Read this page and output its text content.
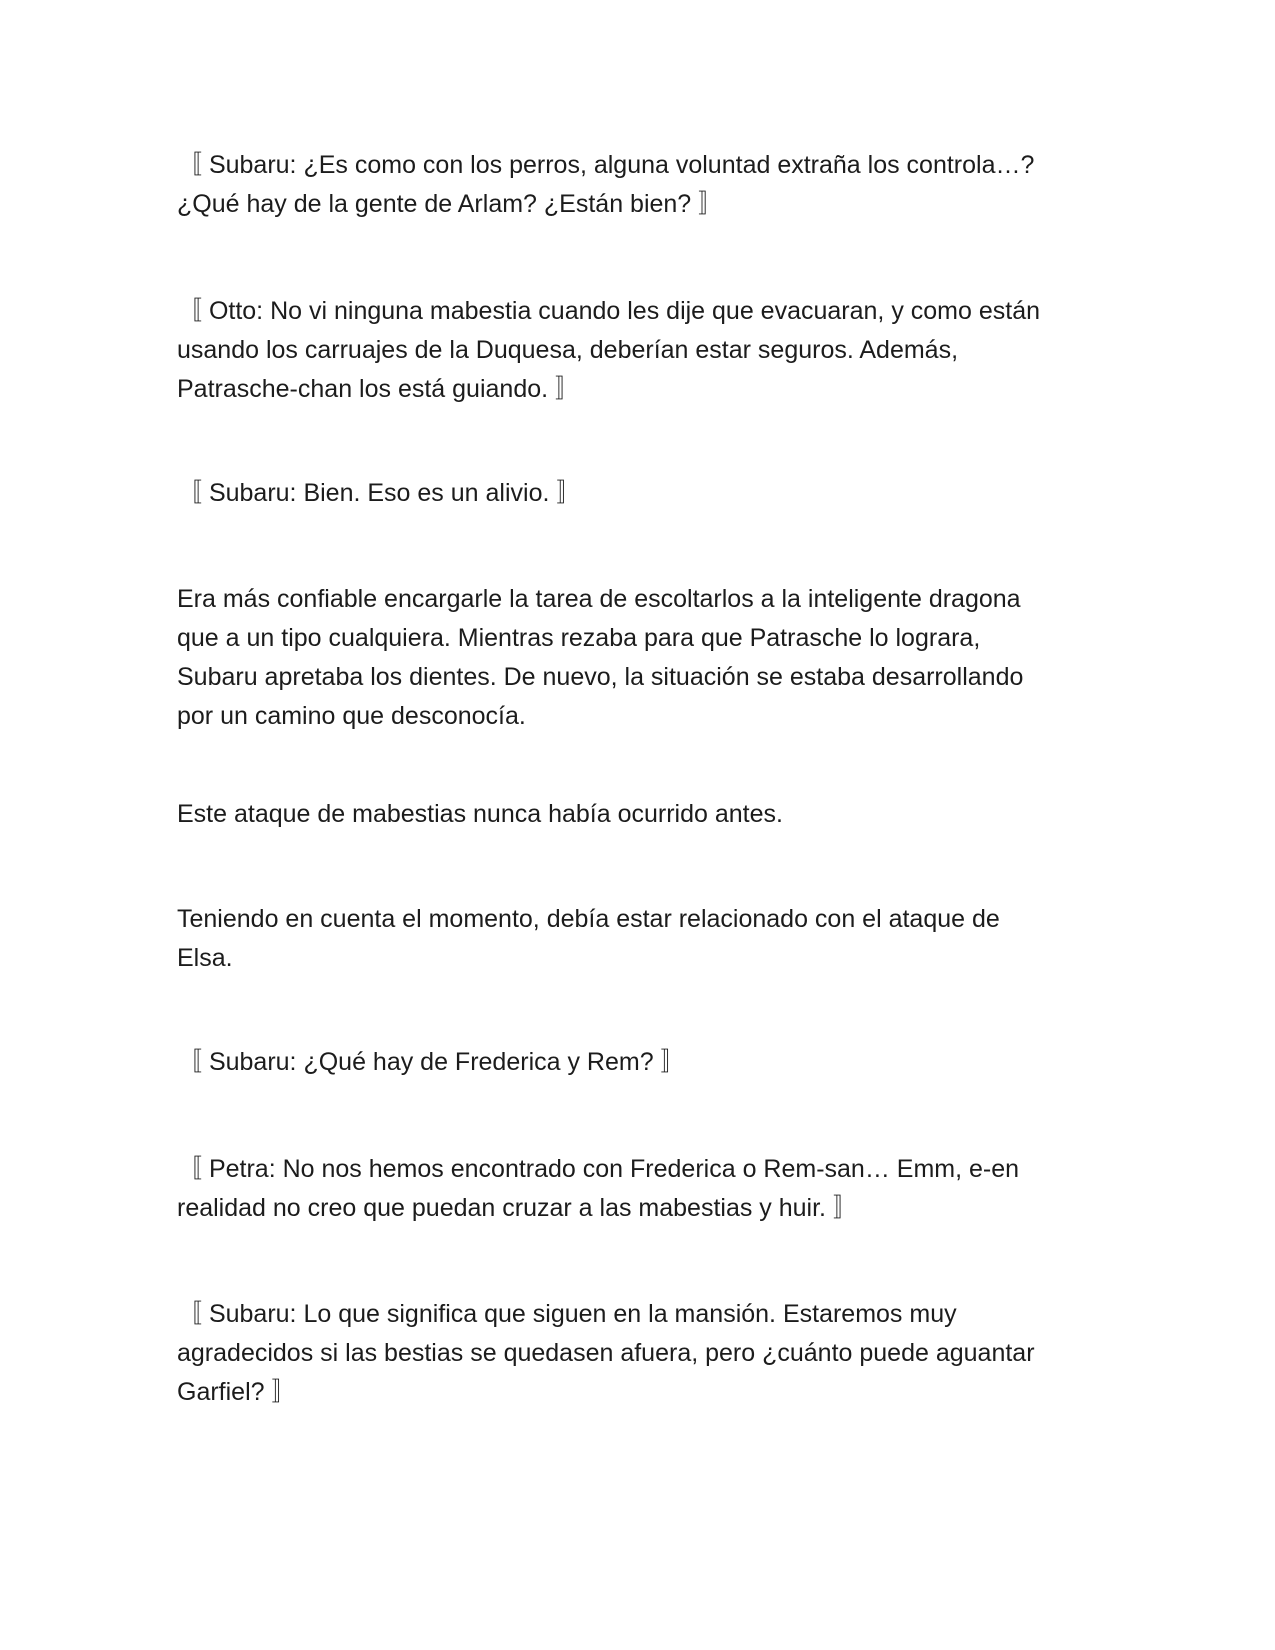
〚 Subaru: ¿Es como con los perros, alguna voluntad extraña los controla…?
¿Qué hay de la gente de Arlam? ¿Están bien? 〛

〚 Otto: No vi ninguna mabestia cuando les dije que evacuaran, y como están
usando los carruajes de la Duquesa, deberían estar seguros. Además,
Patrasche-chan los está guiando. 〛

〚 Subaru: Bien. Eso es un alivio. 〛

Era más confiable encargarle la tarea de escoltarlos a la inteligente dragona
que a un tipo cualquiera. Mientras rezaba para que Patrasche lo lograra,
Subaru apretaba los dientes. De nuevo, la situación se estaba desarrollando
por un camino que desconocía.

Este ataque de mabestias nunca había ocurrido antes.

Teniendo en cuenta el momento, debía estar relacionado con el ataque de
Elsa.

〚 Subaru: ¿Qué hay de Frederica y Rem? 〛

〚 Petra: No nos hemos encontrado con Frederica o Rem-san… Emm, e-en
realidad no creo que puedan cruzar a las mabestias y huir. 〛

〚 Subaru: Lo que significa que siguen en la mansión. Estaremos muy
agradecidos si las bestias se quedasen afuera, pero ¿cuánto puede aguantar
Garfiel? 〛
